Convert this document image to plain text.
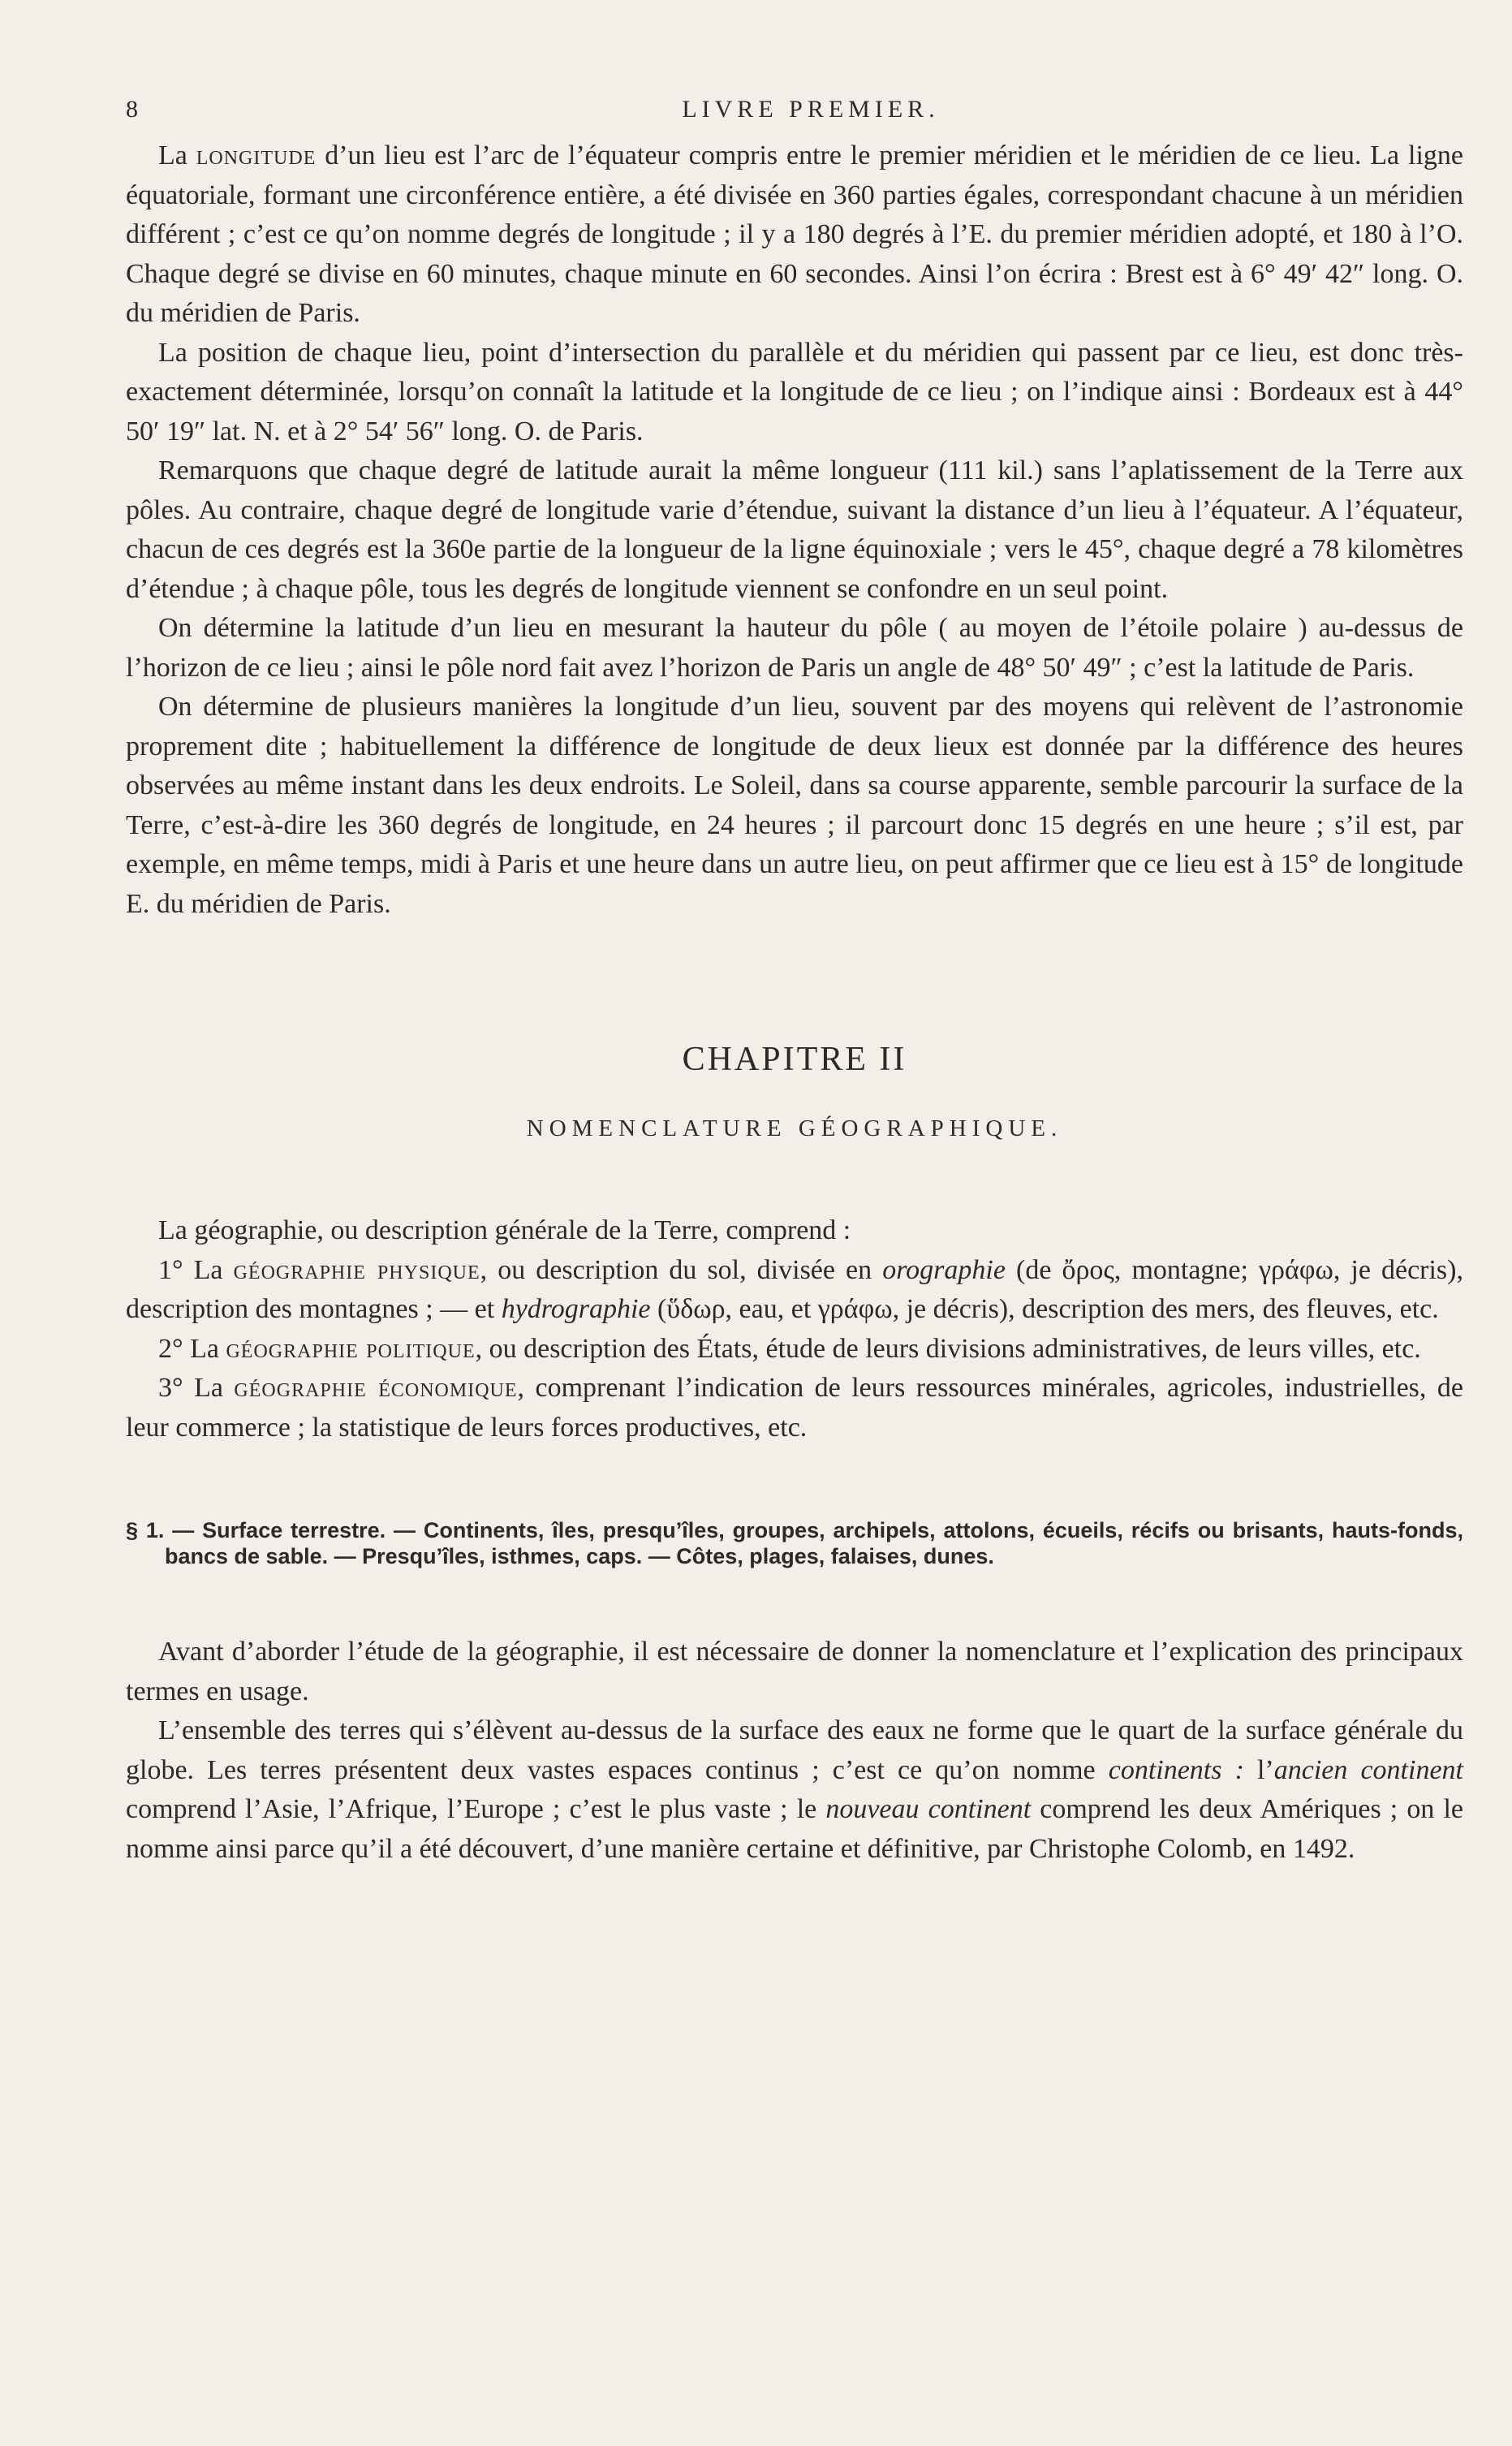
8	LIVRE PREMIER.

La longitude d’un lieu est l’arc de l’équateur compris entre le premier méridien et le méridien de ce lieu. La ligne équatoriale, formant une circonférence entière, a été divisée en 360 parties égales, correspondant chacune à un méridien différent ; c’est ce qu’on nomme degrés de longitude ; il y a 180 degrés à l’E. du premier méridien adopté, et 180 à l’O. Chaque degré se divise en 60 minutes, chaque minute en 60 secondes. Ainsi l’on écrira : Brest est à 6° 49′ 42″ long. O. du méridien de Paris.

La position de chaque lieu, point d’intersection du parallèle et du méridien qui passent par ce lieu, est donc très-exactement déterminée, lorsqu’on connaît la latitude et la longitude de ce lieu ; on l’indique ainsi : Bordeaux est à 44° 50′ 19″ lat. N. et à 2° 54′ 56″ long. O. de Paris.

Remarquons que chaque degré de latitude aurait la même longueur (111 kil.) sans l’aplatissement de la Terre aux pôles. Au contraire, chaque degré de longitude varie d’étendue, suivant la distance d’un lieu à l’équateur. A l’équateur, chacun de ces degrés est la 360e partie de la longueur de la ligne équinoxiale ; vers le 45°, chaque degré a 78 kilomètres d’étendue ; à chaque pôle, tous les degrés de longitude viennent se confondre en un seul point.

On détermine la latitude d’un lieu en mesurant la hauteur du pôle ( au moyen de l’étoile polaire ) au-dessus de l’horizon de ce lieu ; ainsi le pôle nord fait avez l’horizon de Paris un angle de 48° 50′ 49″ ; c’est la latitude de Paris.

On détermine de plusieurs manières la longitude d’un lieu, souvent par des moyens qui relèvent de l’astronomie proprement dite ; habituellement la différence de longitude de deux lieux est donnée par la différence des heures observées au même instant dans les deux endroits. Le Soleil, dans sa course apparente, semble parcourir la surface de la Terre, c’est-à-dire les 360 degrés de longitude, en 24 heures ; il parcourt donc 15 degrés en une heure ; s’il est, par exemple, en même temps, midi à Paris et une heure dans un autre lieu, on peut affirmer que ce lieu est à 15° de longitude E. du méridien de Paris.

CHAPITRE II
NOMENCLATURE GÉOGRAPHIQUE.

La géographie, ou description générale de la Terre, comprend :

1° La géographie physique, ou description du sol, divisée en orographie (de ὄρος, montagne; γράφω, je décris), description des montagnes ; — et hydrographie (ὕδωρ, eau, et γράφω, je décris), description des mers, des fleuves, etc.

2° La géographie politique, ou description des États, étude de leurs divisions administratives, de leurs villes, etc.

3° La géographie économique, comprenant l’indication de leurs ressources minérales, agricoles, industrielles, de leur commerce ; la statistique de leurs forces productives, etc.

§ 1. — Surface terrestre. — Continents, îles, presqu’îles, groupes, archipels, attolons, écueils, récifs ou brisants, hauts-fonds, bancs de sable. — Presqu’îles, isthmes, caps. — Côtes, plages, falaises, dunes.

Avant d’aborder l’étude de la géographie, il est nécessaire de donner la nomenclature et l’explication des principaux termes en usage.

L’ensemble des terres qui s’élèvent au-dessus de la surface des eaux ne forme que le quart de la surface générale du globe. Les terres présentent deux vastes espaces continus ; c’est ce qu’on nomme continents : l’ancien continent comprend l’Asie, l’Afrique, l’Europe ; c’est le plus vaste ; le nouveau continent comprend les deux Amériques ; on le nomme ainsi parce qu’il a été découvert, d’une manière certaine et définitive, par Christophe Colomb, en 1492.
